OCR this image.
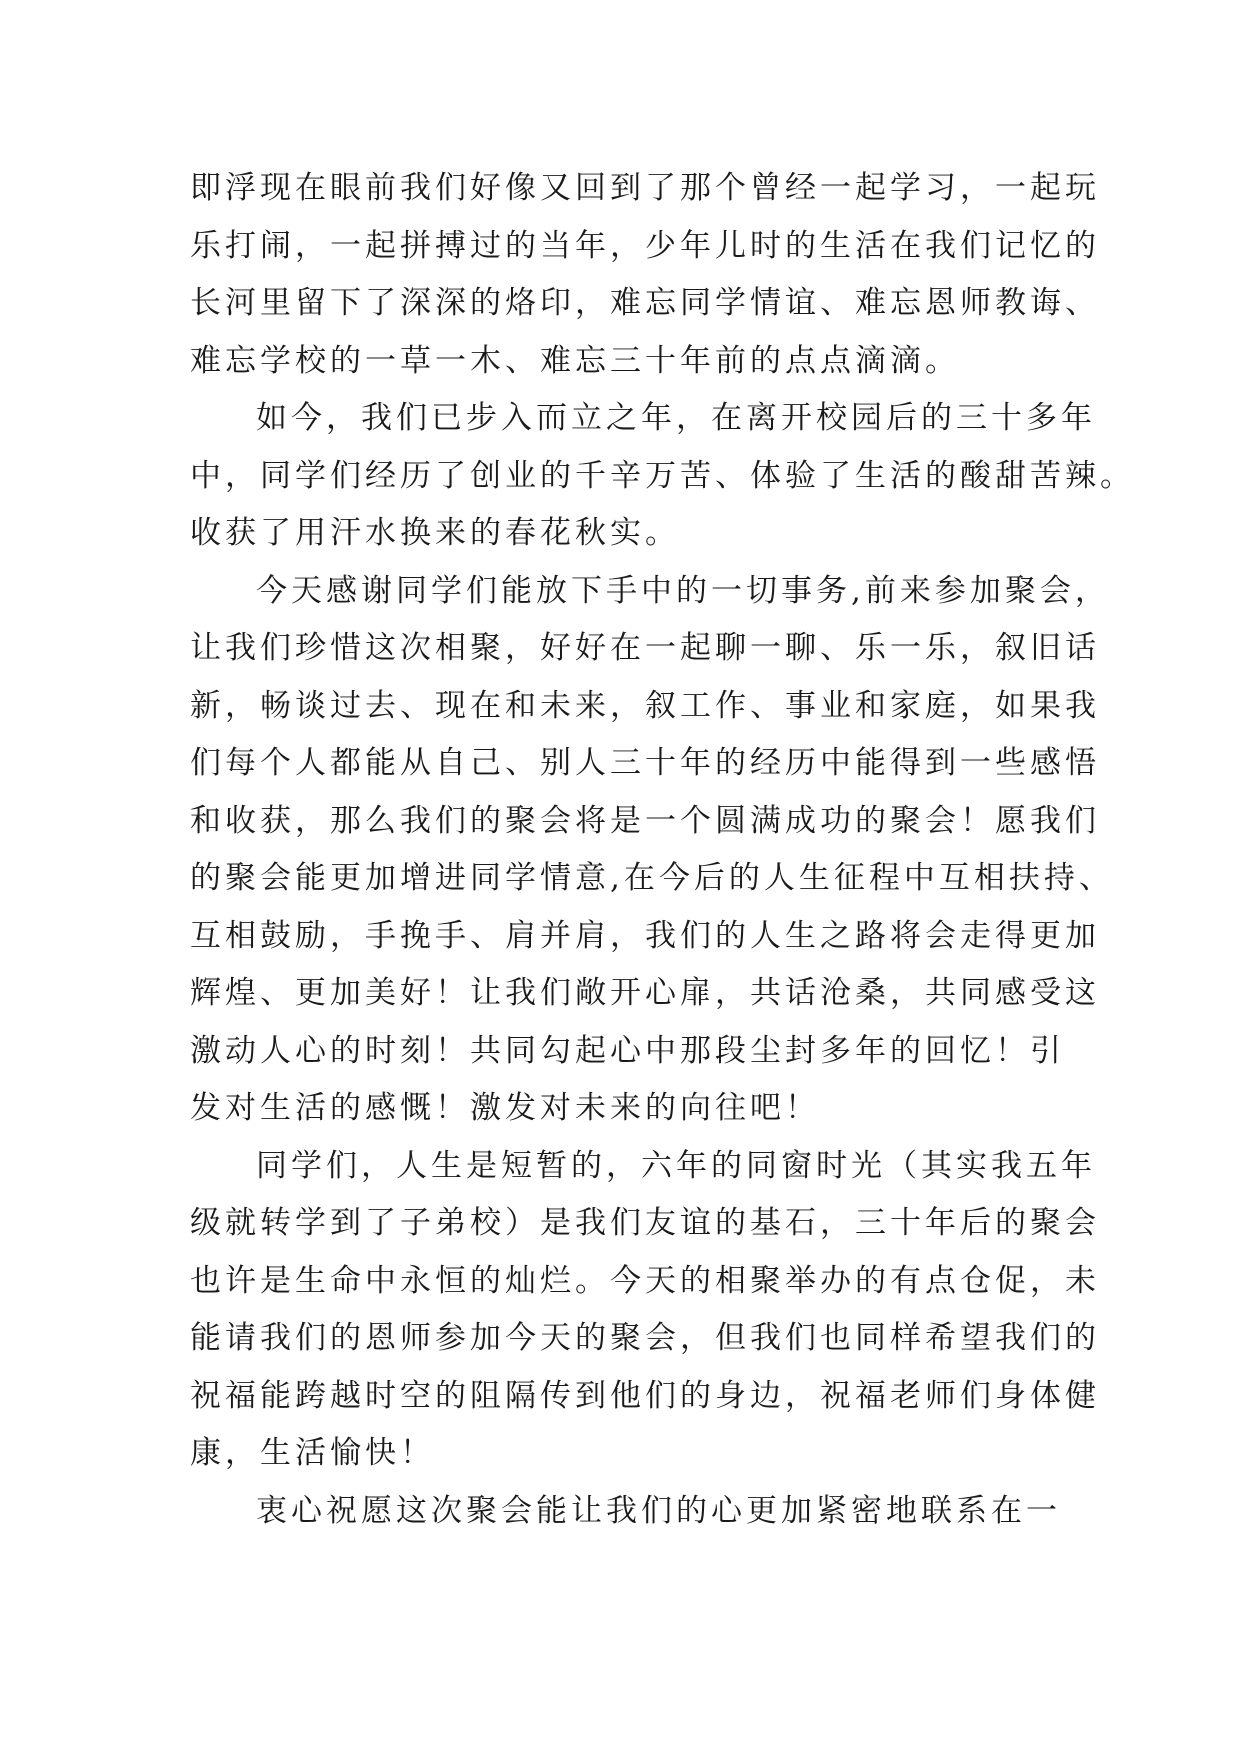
即浮现在眼前我们好像又回到了那个曾经一起学习，一起玩
乐打闹，一起拼搏过的当年，少年儿时的生活在我们记忆的
长河里留下了深深的烙印，难忘同学情谊、难忘恩师教诲、
难忘学校的一草一木、难忘三十年前的点点滴滴。
如今，我们已步入而立之年，在离开校园后的三十多年
中，同学们经历了创业的千辛万苦、体验了生活的酸甜苦辣。
收获了用汗水换来的春花秋实。
今天感谢同学们能放下手中的一切事务,前来参加聚会，
让我们珍惜这次相聚，好好在一起聊一聊、乐一乐，叙旧话
新，畅谈过去、现在和未来，叙工作、事业和家庭，如果我
们每个人都能从自己、别人三十年的经历中能得到一些感悟
和收获，那么我们的聚会将是一个圆满成功的聚会！愿我们
的聚会能更加增进同学情意,在今后的人生征程中互相扶持、
互相鼓励，手挽手、肩并肩，我们的人生之路将会走得更加
辉煌、更加美好！让我们敞开心扉，共话沧桑，共同感受这
激动人心的时刻！共同勾起心中那段尘封多年的回忆！引
发对生活的感慨！激发对未来的向往吧！
同学们，人生是短暂的，六年的同窗时光（其实我五年
级就转学到了子弟校）是我们友谊的基石，三十年后的聚会
也许是生命中永恒的灿烂。今天的相聚举办的有点仓促，未
能请我们的恩师参加今天的聚会，但我们也同样希望我们的
祝福能跨越时空的阻隔传到他们的身边，祝福老师们身体健
康，生活愉快！
衷心祝愿这次聚会能让我们的心更加紧密地联系在一
